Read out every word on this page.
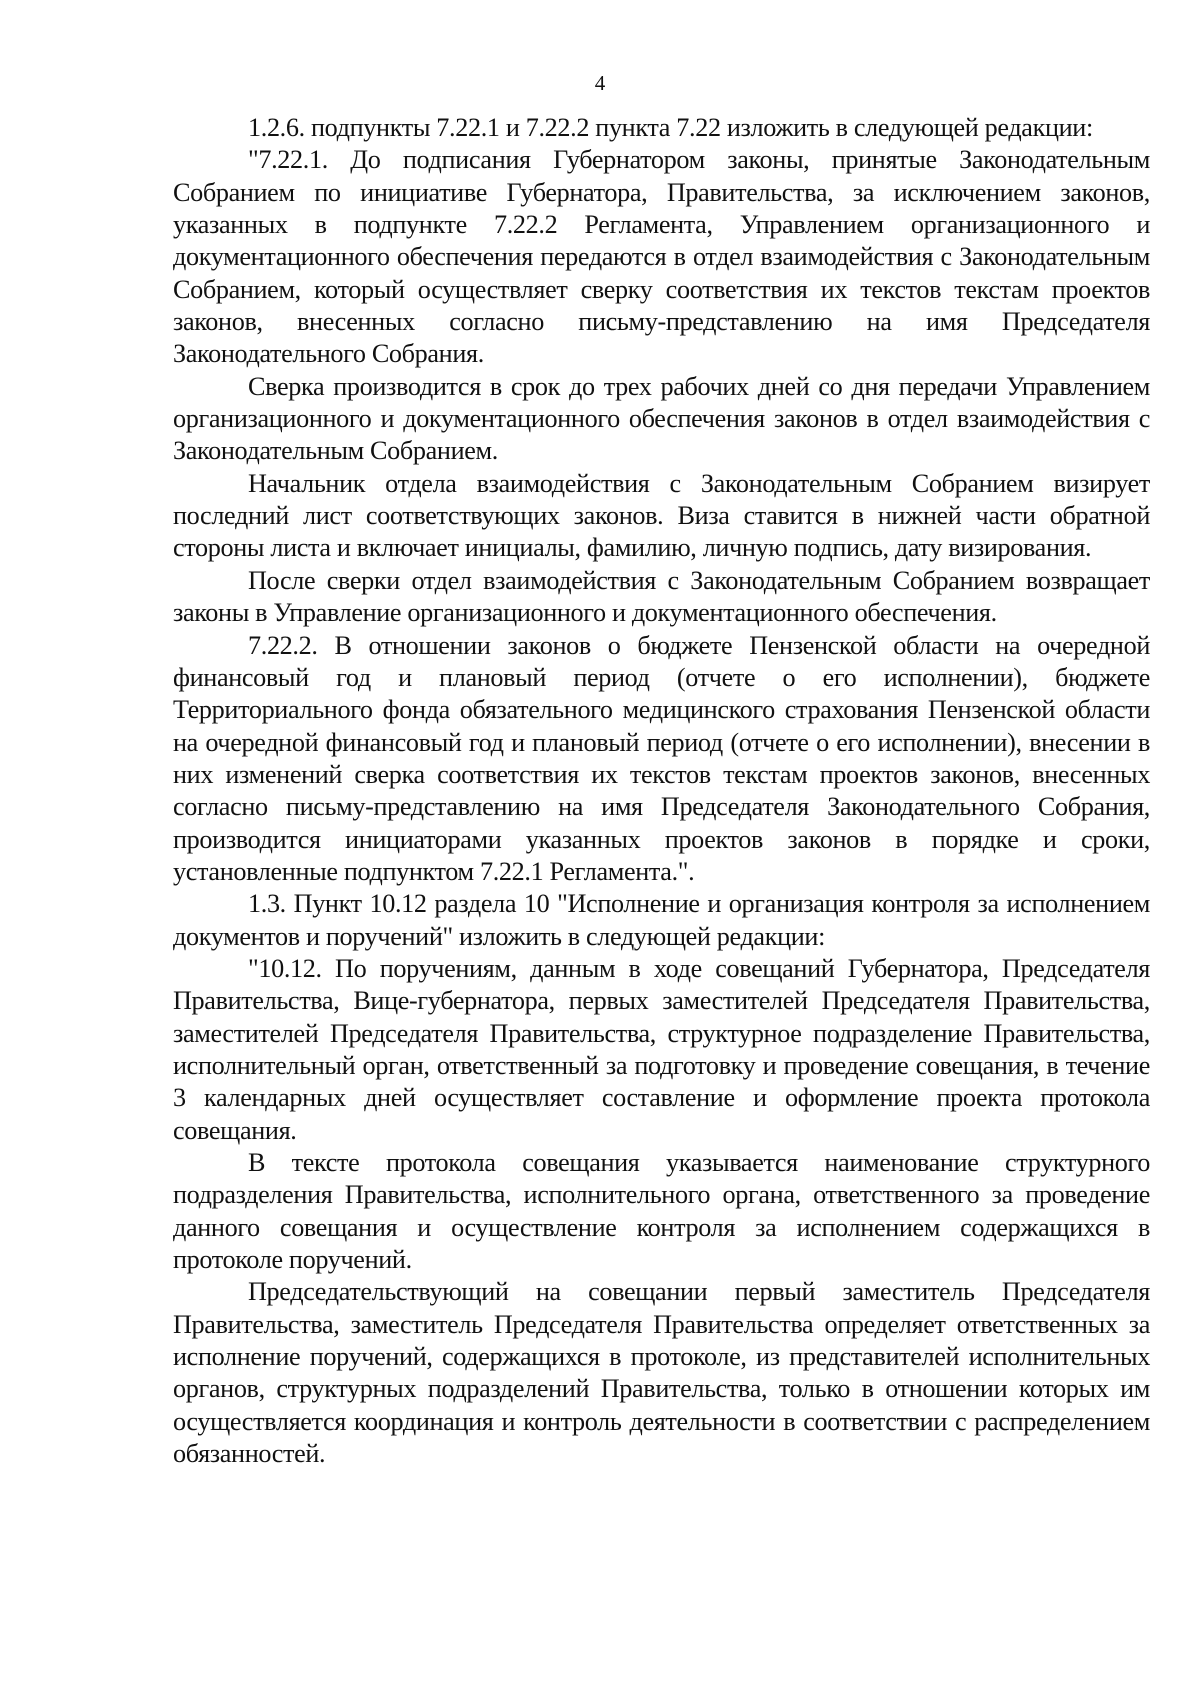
4

1.2.6. подпункты 7.22.1 и 7.22.2 пункта 7.22 изложить в следующей редакции:

"7.22.1. До подписания Губернатором законы, принятые Законодательным Собранием по инициативе Губернатора, Правительства, за исключением законов, указанных в подпункте 7.22.2 Регламента, Управлением организационного и документационного обеспечения передаются в отдел взаимодействия с Законодательным Собранием, который осуществляет сверку соответствия их текстов текстам проектов законов, внесенных согласно письму-представлению на имя Председателя Законодательного Собрания.

Сверка производится в срок до трех рабочих дней со дня передачи Управлением организационного и документационного обеспечения законов в отдел взаимодействия с Законодательным Собранием.

Начальник отдела взаимодействия с Законодательным Собранием визирует последний лист соответствующих законов. Виза ставится в нижней части обратной стороны листа и включает инициалы, фамилию, личную подпись, дату визирования.

После сверки отдел взаимодействия с Законодательным Собранием возвращает законы в Управление организационного и документационного обеспечения.

7.22.2. В отношении законов о бюджете Пензенской области на очередной финансовый год и плановый период (отчете о его исполнении), бюджете Территориального фонда обязательного медицинского страхования Пензенской области на очередной финансовый год и плановый период (отчете о его исполнении), внесении в них изменений сверка соответствия их текстов текстам проектов законов, внесенных согласно письму-представлению на имя Председателя Законодательного Собрания, производится инициаторами указанных проектов законов в порядке и сроки, установленные подпунктом 7.22.1 Регламента.".

1.3. Пункт 10.12 раздела 10 "Исполнение и организация контроля за исполнением документов и поручений" изложить в следующей редакции:

"10.12. По поручениям, данным в ходе совещаний Губернатора, Председателя Правительства, Вице-губернатора, первых заместителей Председателя Правительства, заместителей Председателя Правительства, структурное подразделение Правительства, исполнительный орган, ответственный за подготовку и проведение совещания, в течение 3 календарных дней осуществляет составление и оформление проекта протокола совещания.

В тексте протокола совещания указывается наименование структурного подразделения Правительства, исполнительного органа, ответственного за проведение данного совещания и осуществление контроля за исполнением содержащихся в протоколе поручений.

Председательствующий на совещании первый заместитель Председателя Правительства, заместитель Председателя Правительства определяет ответственных за исполнение поручений, содержащихся в протоколе, из представителей исполнительных органов, структурных подразделений Правительства, только в отношении которых им осуществляется координация и контроль деятельности в соответствии с распределением обязанностей.
